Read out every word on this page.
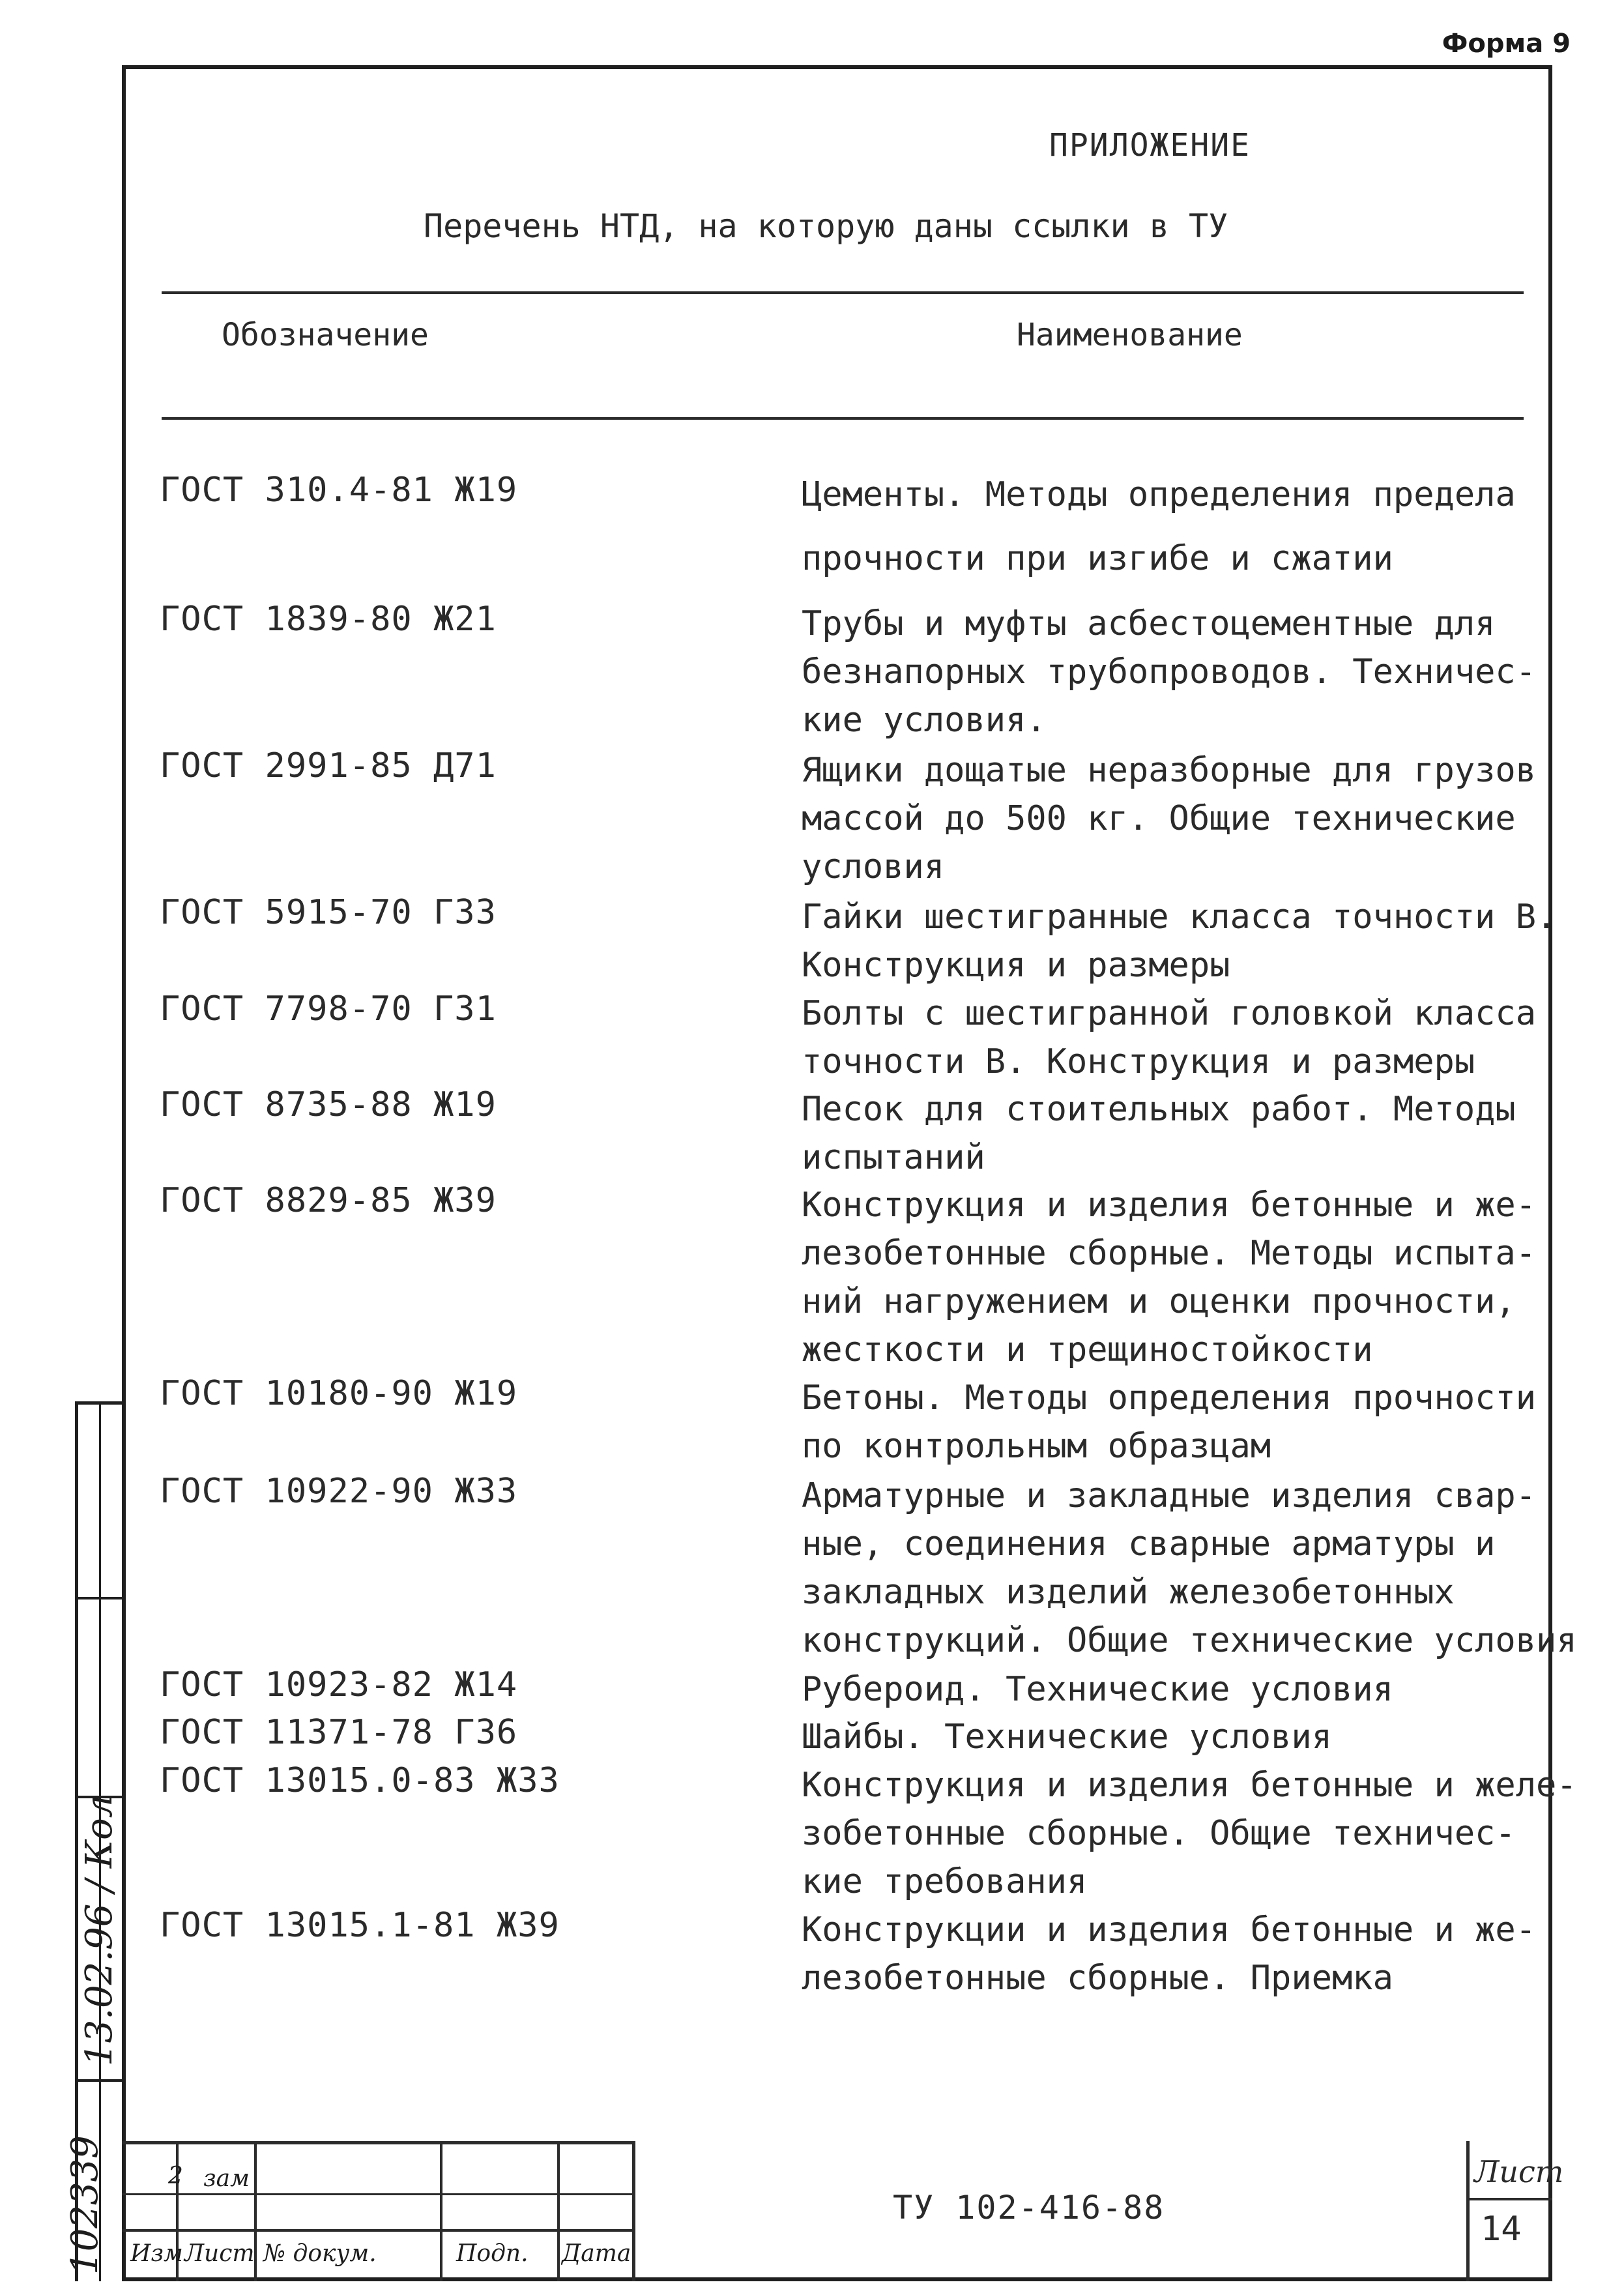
Форма 9
ПРИЛОЖЕНИЕ
Перечень НТД, на которую даны ссылки в ТУ
Обозначение	Наименование
ГОСТ 310.4-81 Ж19	Цементы. Методы определения предела
прочности при изгибе и сжатии
ГОСТ 1839-80 Ж21	Трубы и муфты асбестоцементные для
безнапорных трубопроводов. Техничес-
кие условия.
ГОСТ 2991-85 Д71	Ящики дощатые неразборные для грузов
массой до 500 кг. Общие технические
условия
ГОСТ 5915-70 Г33	Гайки шестигранные класса точности В.
Конструкция и размеры
ГОСТ 7798-70 Г31	Болты с шестигранной головкой класса
точности В. Конструкция и размеры
ГОСТ 8735-88 Ж19	Песок для стоительных работ. Методы
испытаний
ГОСТ 8829-85 Ж39	Конструкция и изделия бетонные и же-
лезобетонные сборные. Методы испыта-
ний нагружением и оценки прочности,
жесткости и трещиностойкости
ГОСТ 10180-90 Ж19	Бетоны. Методы определения прочности
по контрольным образцам
ГОСТ 10922-90 Ж33	Арматурные и закладные изделия свар-
ные, соединения сварные арматуры и
закладных изделий железобетонных
конструкций. Общие технические условия
ГОСТ 10923-82 Ж14	Рубероид. Технические условия
ГОСТ 11371-78 Г36	Шайбы. Технические условия
ГОСТ 13015.0-83 Ж33	Конструкция и изделия бетонные и желе-
зобетонные сборные. Общие техничес-
кие требования
ГОСТ 13015.1-81 Ж39	Конструкции и изделия бетонные и же-
лезобетонные сборные. Приемка
102339
13.02.96 / Кол
2 зам
Изм Лист № докум.	Подп. Дата
ТУ 102-416-88
Лист
14
